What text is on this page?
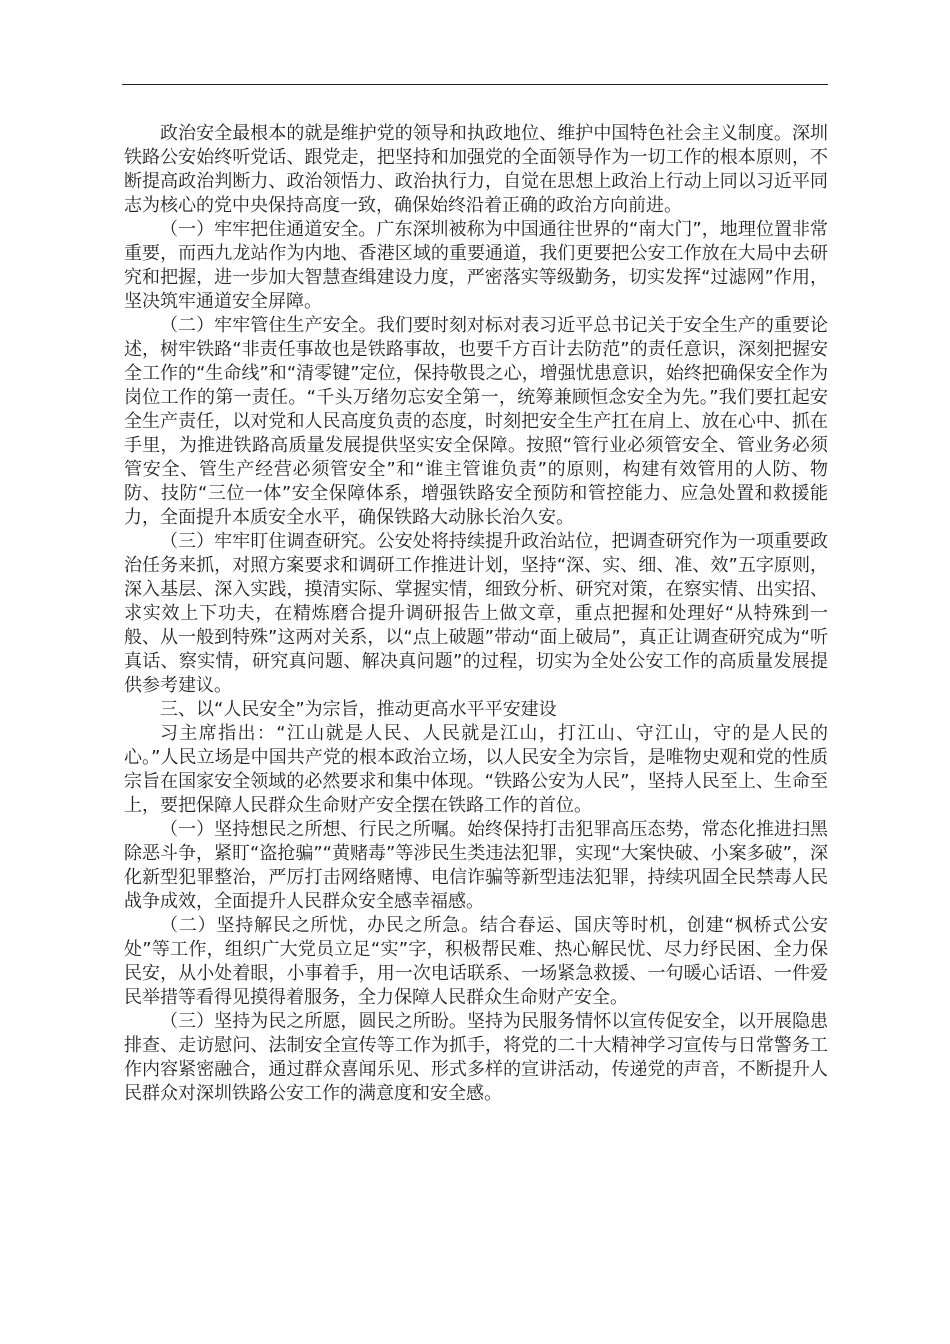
政治安全最根本的就是维护党的领导和执政地位、维护中国特色社会主义制度。深圳铁路公安始终听党话、跟党走，把坚持和加强党的全面领导作为一切工作的根本原则，不断提高政治判断力、政治领悟力、政治执行力，自觉在思想上政治上行动上同以习近平同志为核心的党中央保持高度一致，确保始终沿着正确的政治方向前进。

（一）牢牢把住通道安全。广东深圳被称为中国通往世界的“南大门”，地理位置非常重要，而西九龙站作为内地、香港区域的重要通道，我们更要把公安工作放在大局中去研究和把握，进一步加大智慧查缉建设力度，严密落实等级勤务，切实发挥“过滤网”作用，坚决筑牢通道安全屏障。

（二）牢牢管住生产安全。我们要时刻对标对表习近平总书记关于安全生产的重要论述，树牢铁路“非责任事故也是铁路事故，也要千方百计去防范”的责任意识，深刻把握安全工作的“生命线”和“清零键”定位，保持敬畏之心，增强忧患意识，始终把确保安全作为岗位工作的第一责任。“千头万绪勿忘安全第一，统筹兼顾恒念安全为先。”我们要扛起安全生产责任，以对党和人民高度负责的态度，时刻把安全生产扛在肩上、放在心中、抓在手里，为推进铁路高质量发展提供坚实安全保障。按照“管行业必须管安全、管业务必须管安全、管生产经营必须管安全”和“谁主管谁负责”的原则，构建有效管用的人防、物防、技防“三位一体”安全保障体系，增强铁路安全预防和管控能力、应急处置和救援能力，全面提升本质安全水平，确保铁路大动脉长治久安。

（三）牢牢盯住调查研究。公安处将持续提升政治站位，把调查研究作为一项重要政治任务来抓，对照方案要求和调研工作推进计划，坚持“深、实、细、准、效”五字原则，深入基层、深入实践，摸清实际、掌握实情，细致分析、研究对策，在察实情、出实招、求实效上下功夫，在精炼磨合提升调研报告上做文章，重点把握和处理好“从特殊到一般、从一般到特殊”这两对关系，以“点上破题”带动“面上破局”，真正让调查研究成为“听真话、察实情，研究真问题、解决真问题”的过程，切实为全处公安工作的高质量发展提供参考建议。

三、以“人民安全”为宗旨，推动更高水平平安建设

习主席指出：“江山就是人民、人民就是江山，打江山、守江山，守的是人民的心。”人民立场是中国共产党的根本政治立场，以人民安全为宗旨，是唯物史观和党的性质宗旨在国家安全领域的必然要求和集中体现。“铁路公安为人民”，坚持人民至上、生命至上，要把保障人民群众生命财产安全摆在铁路工作的首位。

（一）坚持想民之所想、行民之所嘱。始终保持打击犯罪高压态势，常态化推进扫黑除恶斗争，紧盯“盗抢骗”“黄赌毒”等涉民生类违法犯罪，实现“大案快破、小案多破”，深化新型犯罪整治，严厉打击网络赌博、电信诈骗等新型违法犯罪，持续巩固全民禁毒人民战争成效，全面提升人民群众安全感幸福感。

（二）坚持解民之所忧，办民之所急。结合春运、国庆等时机，创建“枫桥式公安处”等工作，组织广大党员立足“实”字，积极帮民难、热心解民忧、尽力纾民困、全力保民安，从小处着眼，小事着手，用一次电话联系、一场紧急救援、一句暖心话语、一件爱民举措等看得见摸得着服务，全力保障人民群众生命财产安全。

（三）坚持为民之所愿，圆民之所盼。坚持为民服务情怀以宣传促安全，以开展隐患排查、走访慰问、法制安全宣传等工作为抓手，将党的二十大精神学习宣传与日常警务工作内容紧密融合，通过群众喜闻乐见、形式多样的宣讲活动，传递党的声音，不断提升人民群众对深圳铁路公安工作的满意度和安全感。
